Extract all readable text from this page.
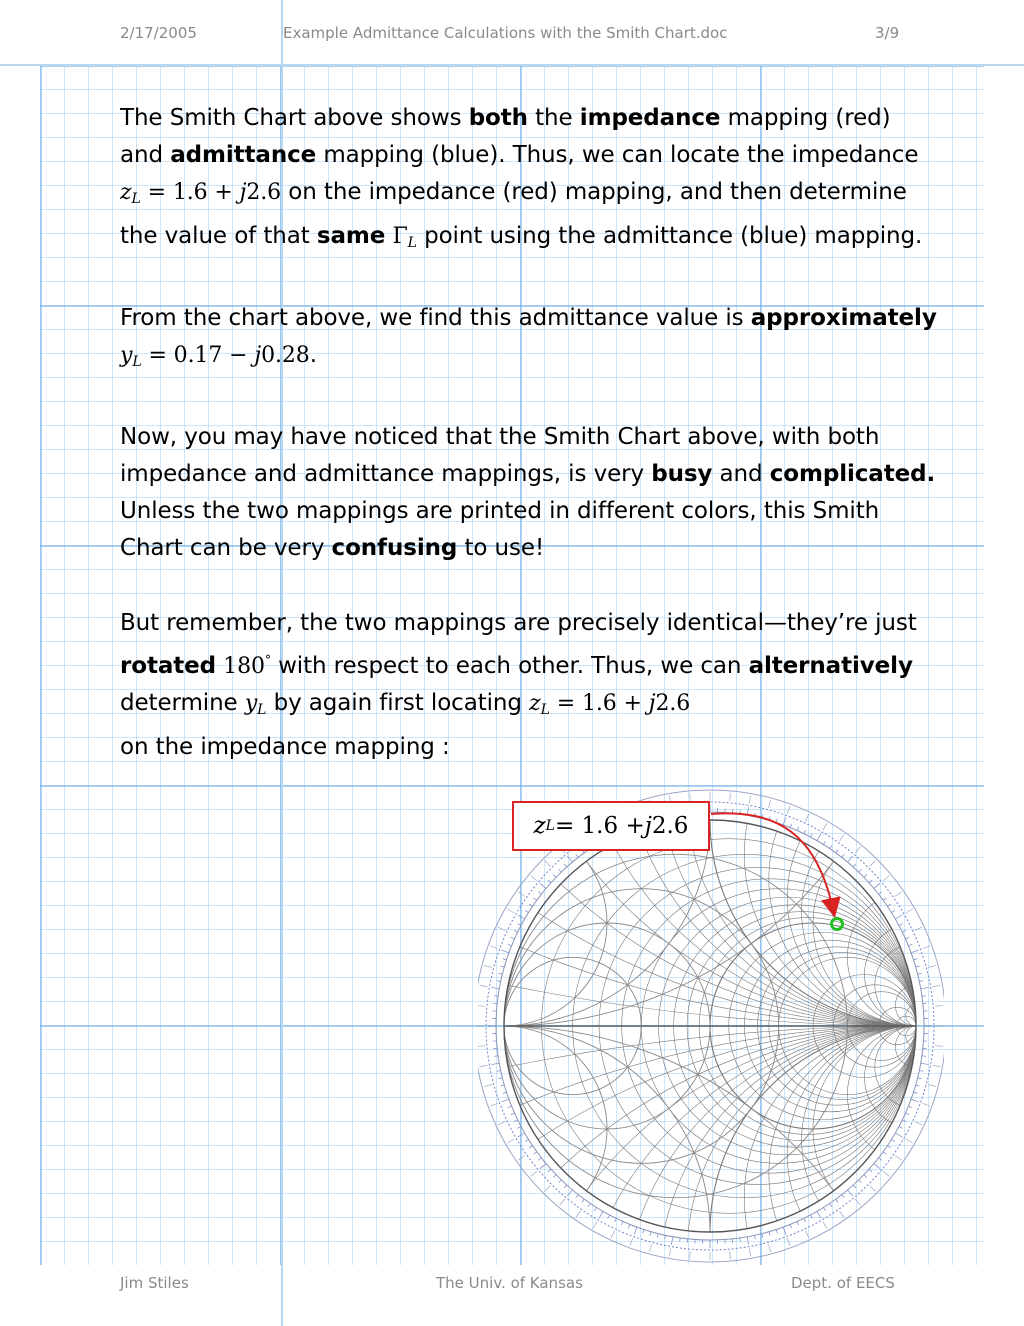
2/17/2005	Example Admittance Calculations with the Smith Chart.doc	3/9

The Smith Chart above shows both the impedance mapping (red) and admittance mapping (blue). Thus, we can locate the impedance $z_L = 1.6 + j2.6$ on the impedance (red) mapping, and then determine the value of that same $\Gamma_L$ point using the admittance (blue) mapping.

From the chart above, we find this admittance value is approximately $y_L = 0.17 - j0.28$.

Now, you may have noticed that the Smith Chart above, with both impedance and admittance mappings, is very busy and complicated. Unless the two mappings are printed in different colors, this Smith Chart can be very confusing to use!

But remember, the two mappings are precisely identical—they’re just rotated 180° with respect to each other. Thus, we can alternatively determine $y_L$ by again first locating $z_L = 1.6 + j2.6$
on the impedance mapping :

z L = 1.6 + j 2.6
Jim Stiles	The Univ. of Kansas	Dept. of EECS
